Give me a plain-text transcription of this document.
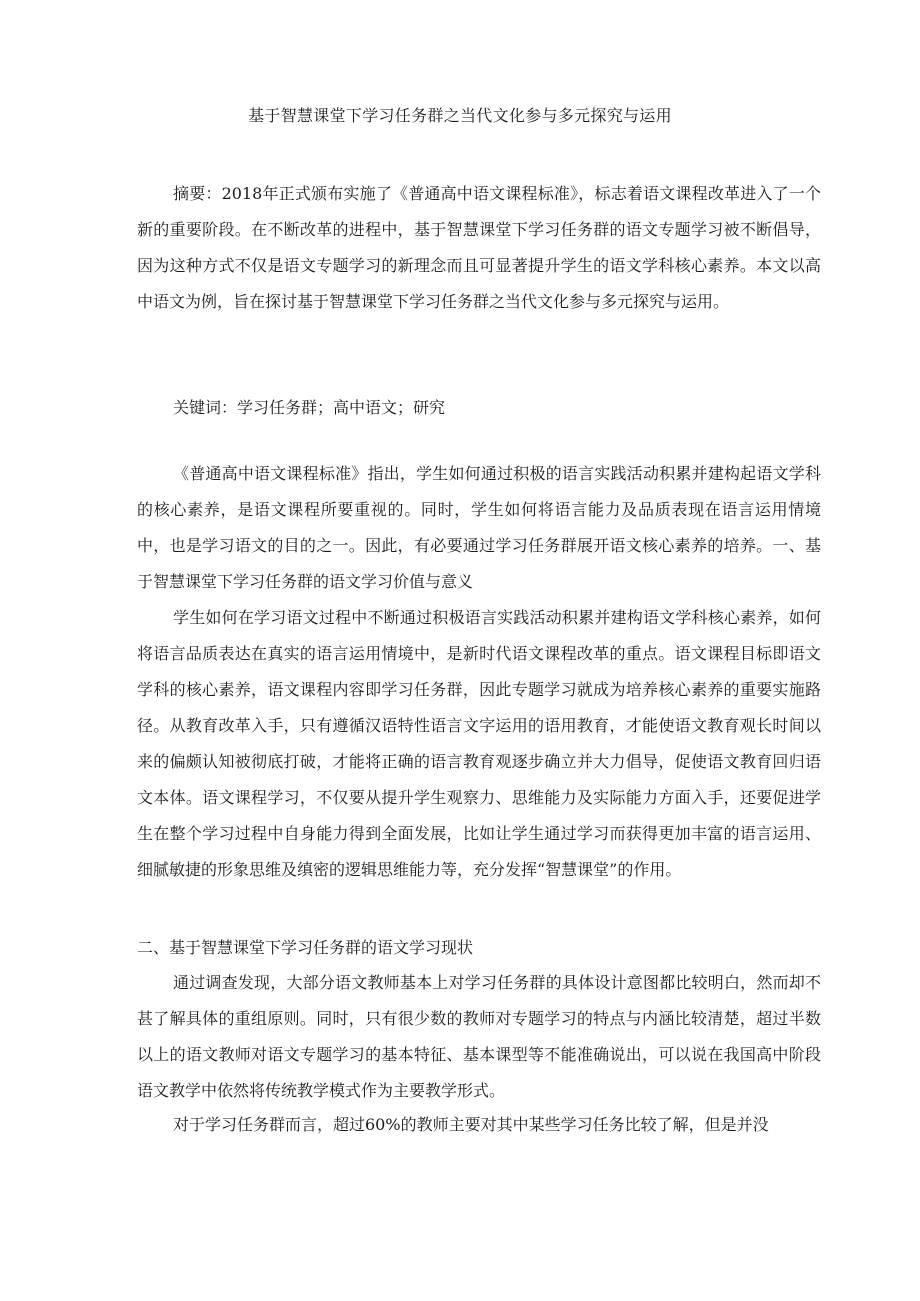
基于智慧课堂下学习任务群之当代文化参与多元探究与运用

摘要：2018年正式颁布实施了《普通高中语文课程标准》，标志着语文课程改革进入了一个新的重要阶段。在不断改革的进程中，基于智慧课堂下学习任务群的语文专题学习被不断倡导，因为这种方式不仅是语文专题学习的新理念而且可显著提升学生的语文学科核心素养。本文以高中语文为例，旨在探讨基于智慧课堂下学习任务群之当代文化参与多元探究与运用。

关键词：学习任务群；高中语文；研究

《普通高中语文课程标准》指出，学生如何通过积极的语言实践活动积累并建构起语文学科的核心素养，是语文课程所要重视的。同时，学生如何将语言能力及品质表现在语言运用情境中，也是学习语文的目的之一。因此，有必要通过学习任务群展开语文核心素养的培养。一、基于智慧课堂下学习任务群的语文学习价值与意义

学生如何在学习语文过程中不断通过积极语言实践活动积累并建构语文学科核心素养，如何将语言品质表达在真实的语言运用情境中，是新时代语文课程改革的重点。语文课程目标即语文学科的核心素养，语文课程内容即学习任务群，因此专题学习就成为培养核心素养的重要实施路径。从教育改革入手，只有遵循汉语特性语言文字运用的语用教育，才能使语文教育观长时间以来的偏颇认知被彻底打破，才能将正确的语言教育观逐步确立并大力倡导，促使语文教育回归语文本体。语文课程学习，不仅要从提升学生观察力、思维能力及实际能力方面入手，还要促进学生在整个学习过程中自身能力得到全面发展，比如让学生通过学习而获得更加丰富的语言运用、细腻敏捷的形象思维及缜密的逻辑思维能力等，充分发挥“智慧课堂”的作用。

二、基于智慧课堂下学习任务群的语文学习现状

通过调查发现，大部分语文教师基本上对学习任务群的具体设计意图都比较明白，然而却不甚了解具体的重组原则。同时，只有很少数的教师对专题学习的特点与内涵比较清楚，超过半数以上的语文教师对语文专题学习的基本特征、基本课型等不能准确说出，可以说在我国高中阶段语文教学中依然将传统教学模式作为主要教学形式。

对于学习任务群而言，超过60%的教师主要对其中某些学习任务比较了解，但是并没
